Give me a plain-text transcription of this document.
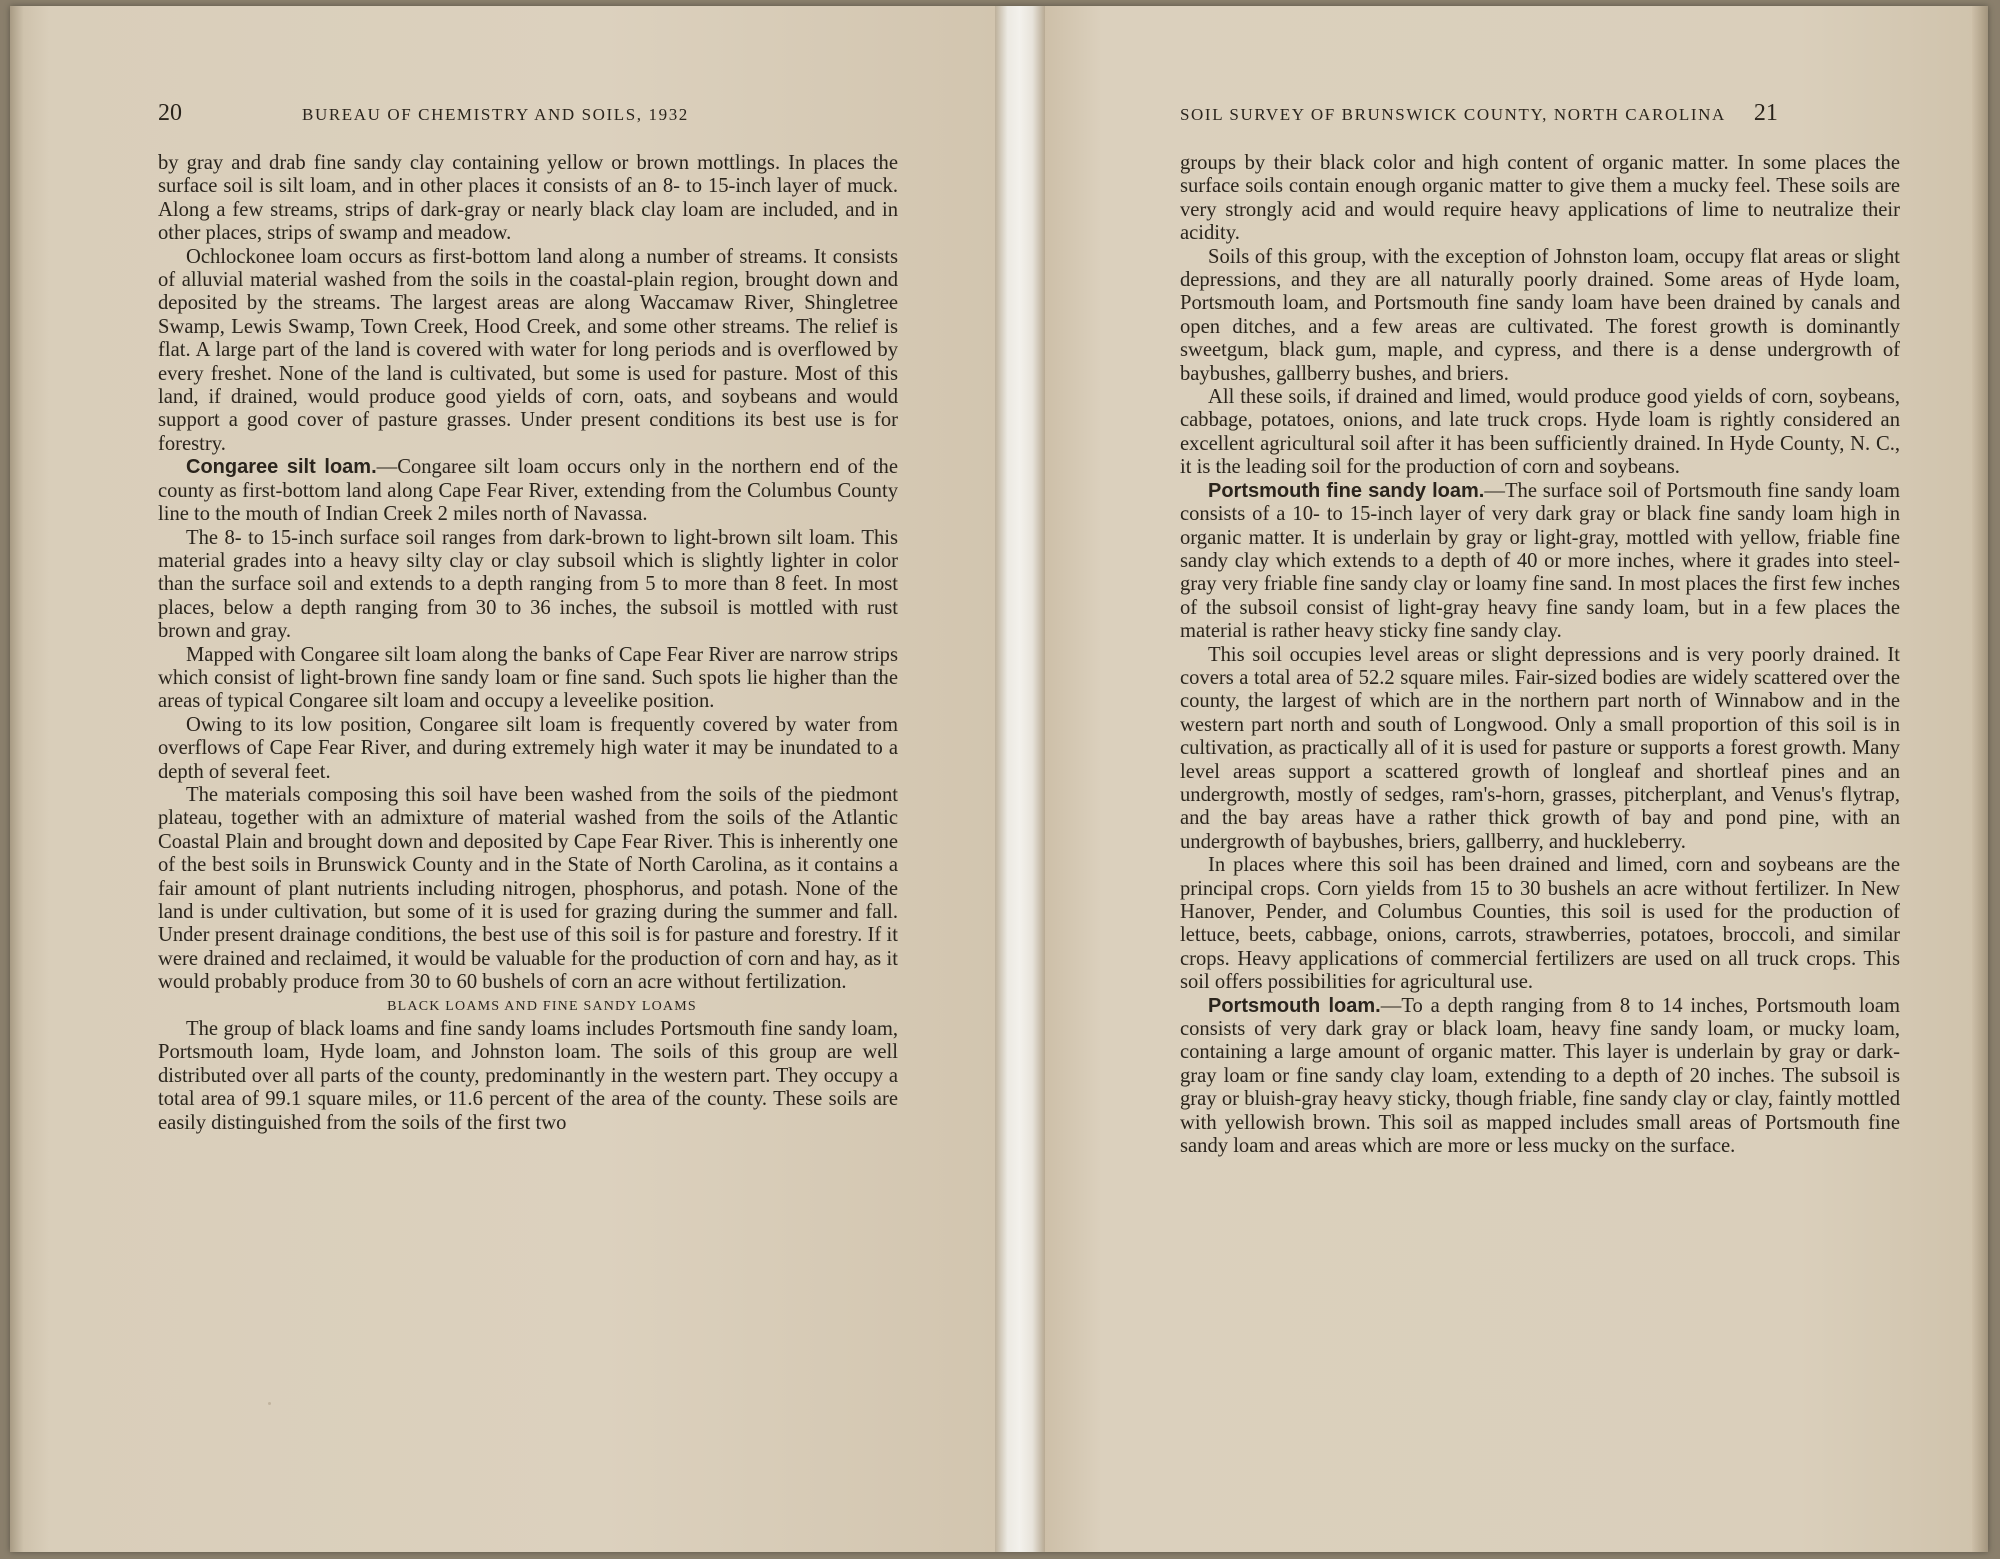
20	BUREAU OF CHEMISTRY AND SOILS, 1932

by gray and drab fine sandy clay containing yellow or brown mottlings. In places the surface soil is silt loam, and in other places it consists of an 8- to 15-inch layer of muck. Along a few streams, strips of dark-gray or nearly black clay loam are included, and in other places, strips of swamp and meadow.

Ochlockonee loam occurs as first-bottom land along a number of streams. It consists of alluvial material washed from the soils in the coastal-plain region, brought down and deposited by the streams. The largest areas are along Waccamaw River, Shingletree Swamp, Lewis Swamp, Town Creek, Hood Creek, and some other streams. The relief is flat. A large part of the land is covered with water for long periods and is overflowed by every freshet. None of the land is cultivated, but some is used for pasture. Most of this land, if drained, would produce good yields of corn, oats, and soybeans and would support a good cover of pasture grasses. Under present conditions its best use is for forestry.

Congaree silt loam.—Congaree silt loam occurs only in the northern end of the county as first-bottom land along Cape Fear River, extending from the Columbus County line to the mouth of Indian Creek 2 miles north of Navassa.

The 8- to 15-inch surface soil ranges from dark-brown to light-brown silt loam. This material grades into a heavy silty clay or clay subsoil which is slightly lighter in color than the surface soil and extends to a depth ranging from 5 to more than 8 feet. In most places, below a depth ranging from 30 to 36 inches, the subsoil is mottled with rust brown and gray.

Mapped with Congaree silt loam along the banks of Cape Fear River are narrow strips which consist of light-brown fine sandy loam or fine sand. Such spots lie higher than the areas of typical Congaree silt loam and occupy a leveelike position.

Owing to its low position, Congaree silt loam is frequently covered by water from overflows of Cape Fear River, and during extremely high water it may be inundated to a depth of several feet.

The materials composing this soil have been washed from the soils of the piedmont plateau, together with an admixture of material washed from the soils of the Atlantic Coastal Plain and brought down and deposited by Cape Fear River. This is inherently one of the best soils in Brunswick County and in the State of North Carolina, as it contains a fair amount of plant nutrients including nitrogen, phosphorus, and potash. None of the land is under cultivation, but some of it is used for grazing during the summer and fall. Under present drainage conditions, the best use of this soil is for pasture and forestry. If it were drained and reclaimed, it would be valuable for the production of corn and hay, as it would probably produce from 30 to 60 bushels of corn an acre without fertilization.

BLACK LOAMS AND FINE SANDY LOAMS

The group of black loams and fine sandy loams includes Portsmouth fine sandy loam, Portsmouth loam, Hyde loam, and Johnston loam. The soils of this group are well distributed over all parts of the county, predominantly in the western part. They occupy a total area of 99.1 square miles, or 11.6 percent of the area of the county. These soils are easily distinguished from the soils of the first two

SOIL SURVEY OF BRUNSWICK COUNTY, NORTH CAROLINA 21

groups by their black color and high content of organic matter. In some places the surface soils contain enough organic matter to give them a mucky feel. These soils are very strongly acid and would require heavy applications of lime to neutralize their acidity.

Soils of this group, with the exception of Johnston loam, occupy flat areas or slight depressions, and they are all naturally poorly drained. Some areas of Hyde loam, Portsmouth loam, and Portsmouth fine sandy loam have been drained by canals and open ditches, and a few areas are cultivated. The forest growth is dominantly sweetgum, black gum, maple, and cypress, and there is a dense undergrowth of baybushes, gallberry bushes, and briers.

All these soils, if drained and limed, would produce good yields of corn, soybeans, cabbage, potatoes, onions, and late truck crops. Hyde loam is rightly considered an excellent agricultural soil after it has been sufficiently drained. In Hyde County, N. C., it is the leading soil for the production of corn and soybeans.

Portsmouth fine sandy loam.—The surface soil of Portsmouth fine sandy loam consists of a 10- to 15-inch layer of very dark gray or black fine sandy loam high in organic matter. It is underlain by gray or light-gray, mottled with yellow, friable fine sandy clay which extends to a depth of 40 or more inches, where it grades into steel-gray very friable fine sandy clay or loamy fine sand. In most places the first few inches of the subsoil consist of light-gray heavy fine sandy loam, but in a few places the material is rather heavy sticky fine sandy clay.

This soil occupies level areas or slight depressions and is very poorly drained. It covers a total area of 52.2 square miles. Fair-sized bodies are widely scattered over the county, the largest of which are in the northern part north of Winnabow and in the western part north and south of Longwood. Only a small proportion of this soil is in cultivation, as practically all of it is used for pasture or supports a forest growth. Many level areas support a scattered growth of longleaf and shortleaf pines and an undergrowth, mostly of sedges, ram's-horn, grasses, pitcherplant, and Venus's flytrap, and the bay areas have a rather thick growth of bay and pond pine, with an undergrowth of baybushes, briers, gallberry, and huckleberry.

In places where this soil has been drained and limed, corn and soybeans are the principal crops. Corn yields from 15 to 30 bushels an acre without fertilizer. In New Hanover, Pender, and Columbus Counties, this soil is used for the production of lettuce, beets, cabbage, onions, carrots, strawberries, potatoes, broccoli, and similar crops. Heavy applications of commercial fertilizers are used on all truck crops. This soil offers possibilities for agricultural use.

Portsmouth loam.—To a depth ranging from 8 to 14 inches, Portsmouth loam consists of very dark gray or black loam, heavy fine sandy loam, or mucky loam, containing a large amount of organic matter. This layer is underlain by gray or dark-gray loam or fine sandy clay loam, extending to a depth of 20 inches. The subsoil is gray or bluish-gray heavy sticky, though friable, fine sandy clay or clay, faintly mottled with yellowish brown. This soil as mapped includes small areas of Portsmouth fine sandy loam and areas which are more or less mucky on the surface.
